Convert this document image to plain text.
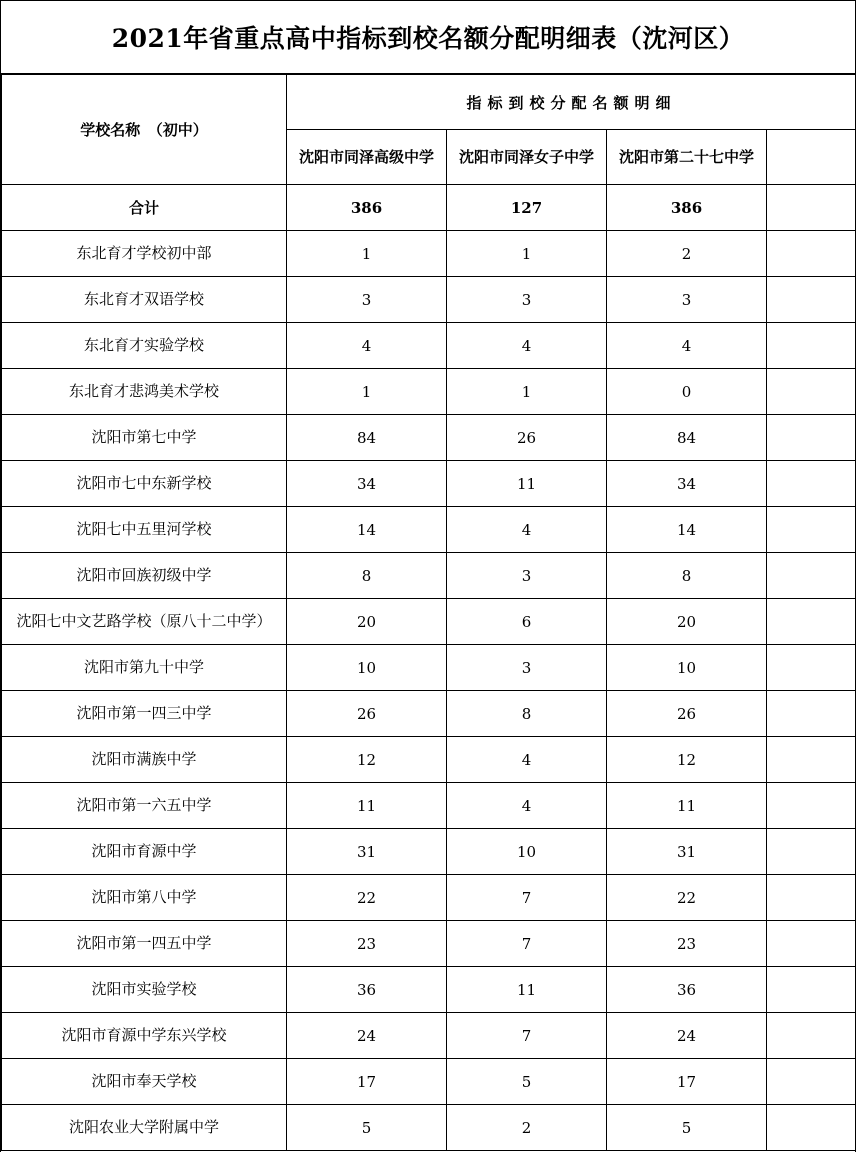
2021年省重点高中指标到校名额分配明细表（沈河区）
学校名称　（初中）	指标到校分配名额明细			
	沈阳市同泽高级中学	沈阳市同泽女子中学	沈阳市第二十七中学	
合计	386	127	386	
东北育才学校初中部	1	1	2	
东北育才双语学校	3	3	3	
东北育才实验学校	4	4	4	
东北育才悲鸿美术学校	1	1	0	
沈阳市第七中学	84	26	84	
沈阳市七中东新学校	34	11	34	
沈阳七中五里河学校	14	4	14	
沈阳市回族初级中学	8	3	8	
沈阳七中文艺路学校（原八十二中学）	20	6	20	
沈阳市第九十中学	10	3	10	
沈阳市第一四三中学	26	8	26	
沈阳市满族中学	12	4	12	
沈阳市第一六五中学	11	4	11	
沈阳市育源中学	31	10	31	
沈阳市第八中学	22	7	22	
沈阳市第一四五中学	23	7	23	
沈阳市实验学校	36	11	36	
沈阳市育源中学东兴学校	24	7	24	
沈阳市奉天学校	17	5	17	
沈阳农业大学附属中学	5	2	5	
